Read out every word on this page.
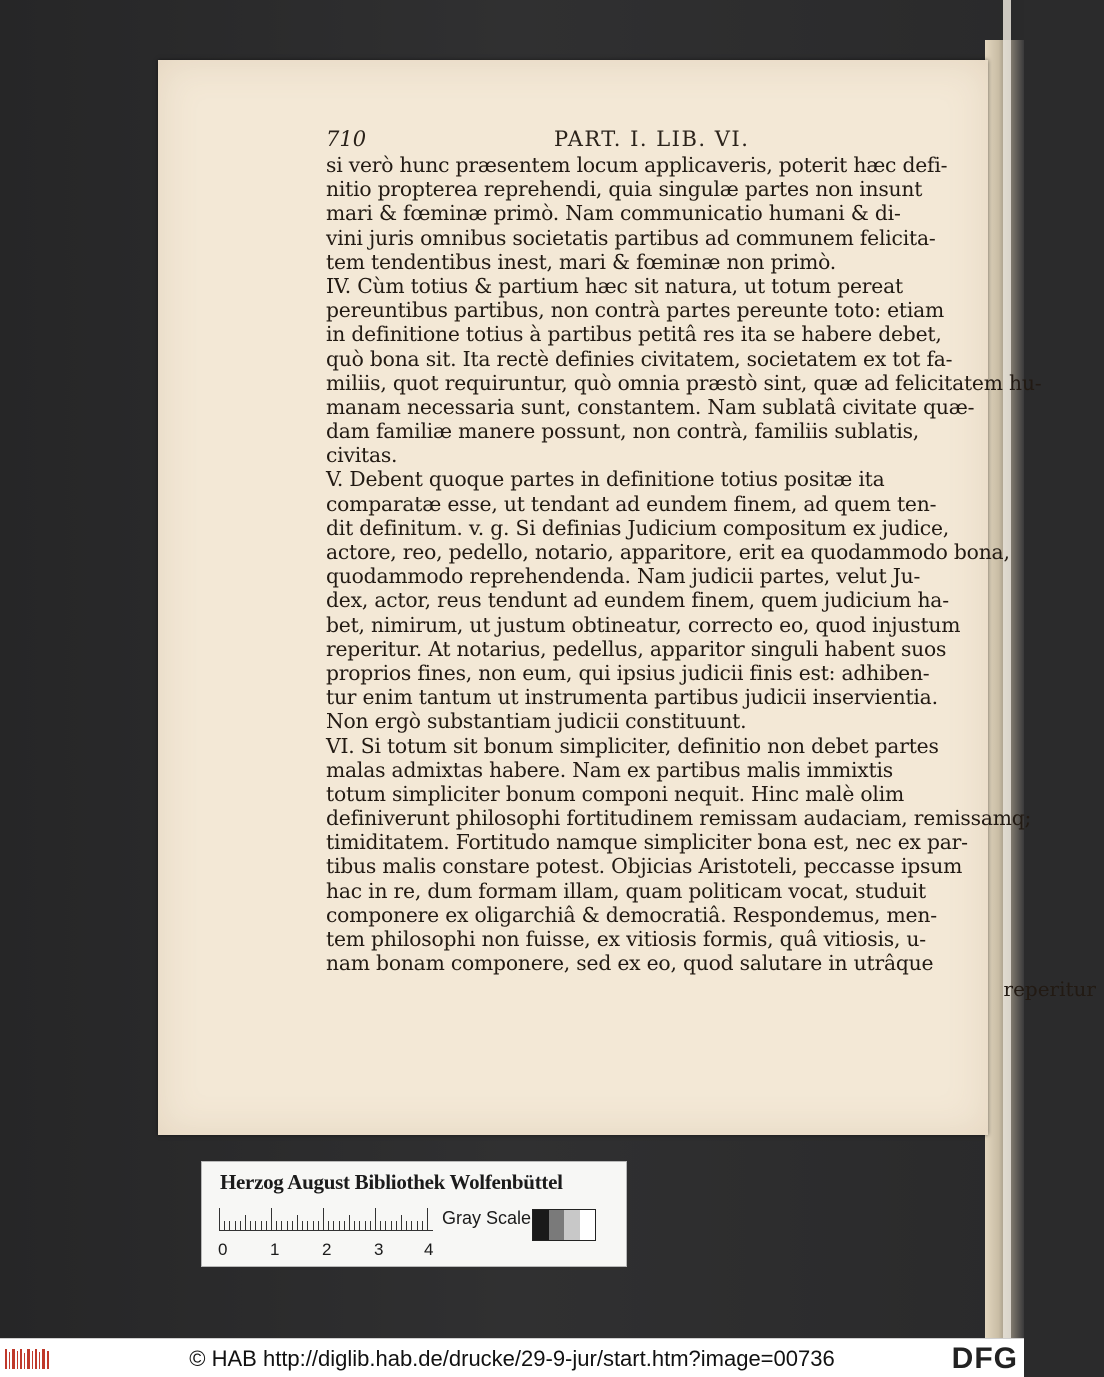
710	PART. I. LIB. VI.
si verò hunc præsentem locum applicaveris, poterit hæc defi-
nitio propterea reprehendi, quia singulæ partes non insunt
mari & fœminæ primò. Nam communicatio humani & di-
vini juris omnibus societatis partibus ad communem felicita-
tem tendentibus inest, mari & fœminæ non primò.
IV. Cùm totius & partium hæc sit natura, ut totum pereat
pereuntibus partibus, non contrà partes pereunte toto: etiam
in definitione totius à partibus petitâ res ita se habere debet,
quò bona sit. Ita rectè definies civitatem, societatem ex tot fa-
miliis, quot requiruntur, quò omnia præstò sint, quæ ad felicitatem hu-
manam necessaria sunt, constantem. Nam sublatâ civitate quæ-
dam familiæ manere possunt, non contrà, familiis sublatis,
civitas.
V. Debent quoque partes in definitione totius positæ ita
comparatæ esse, ut tendant ad eundem finem, ad quem ten-
dit definitum. v. g. Si definias Judicium compositum ex judice,
actore, reo, pedello, notario, apparitore, erit ea quodammodo bona,
quodammodo reprehendenda. Nam judicii partes, velut Ju-
dex, actor, reus tendunt ad eundem finem, quem judicium ha-
bet, nimirum, ut justum obtineatur, correcto eo, quod injustum
reperitur. At notarius, pedellus, apparitor singuli habent suos
proprios fines, non eum, qui ipsius judicii finis est: adhiben-
tur enim tantum ut instrumenta partibus judicii inservientia.
Non ergò substantiam judicii constituunt.
VI. Si totum sit bonum simpliciter, definitio non debet partes
malas admixtas habere. Nam ex partibus malis immixtis
totum simpliciter bonum componi nequit. Hinc malè olim
definiverunt philosophi fortitudinem remissam audaciam, remissamq;
timiditatem. Fortitudo namque simpliciter bona est, nec ex par-
tibus malis constare potest. Objicias Aristoteli, peccasse ipsum
hac in re, dum formam illam, quam politicam vocat, studuit
componere ex oligarchiâ & democratiâ. Respondemus, men-
tem philosophi non fuisse, ex vitiosis formis, quâ vitiosis, u-
nam bonam componere, sed ex eo, quod salutare in utrâque
reperitur
Herzog August Bibliothek Wolfenbüttel
0	1	2	3 4
Gray Scale
© HAB http://diglib.hab.de/drucke/29-9-jur/start.htm?image=00736	DFG
